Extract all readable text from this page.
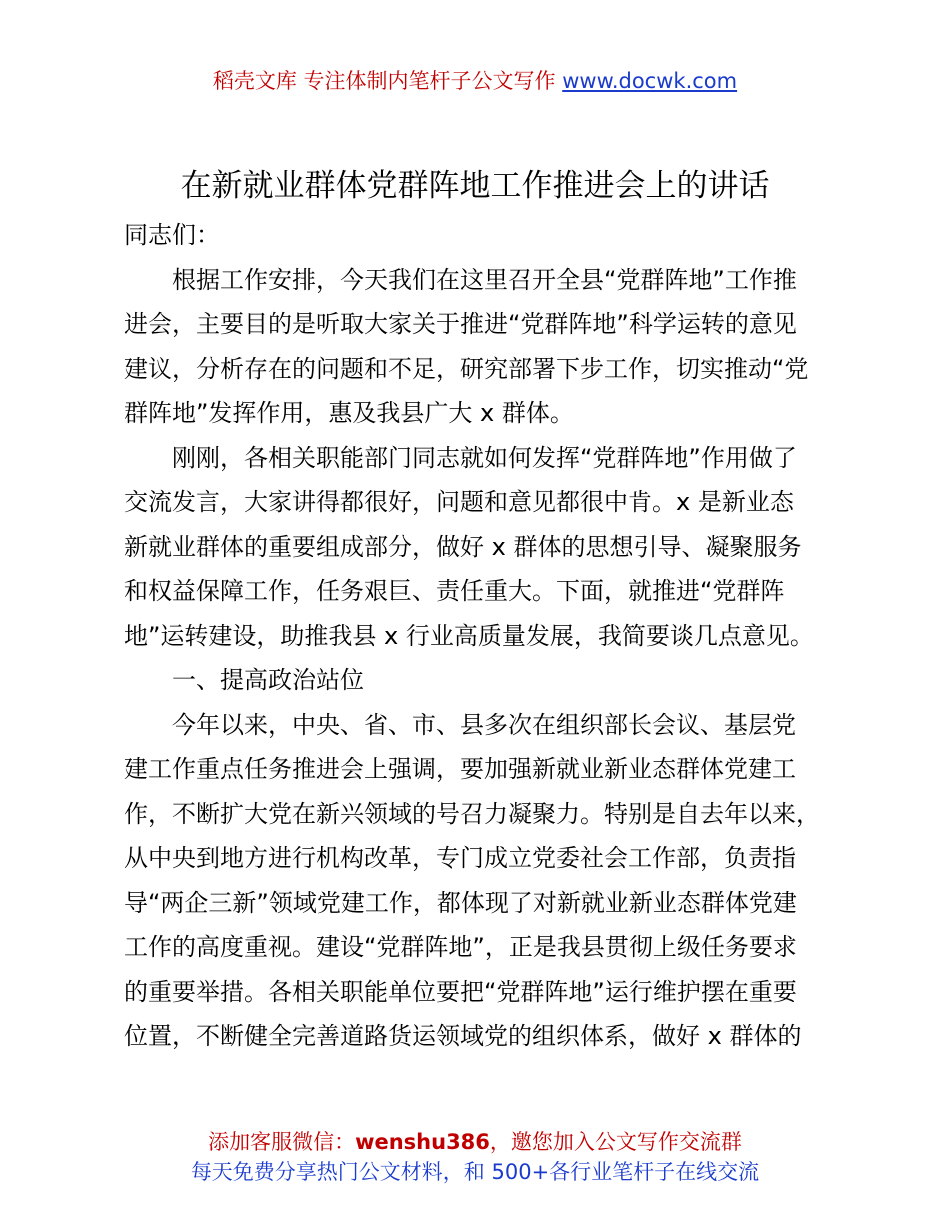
稻壳文库 专注体制内笔杆子公文写作 www.docwk.com
在新就业群体党群阵地工作推进会上的讲话
同志们：
　　根据工作安排，今天我们在这里召开全县“党群阵地”工作推
进会，主要目的是听取大家关于推进“党群阵地”科学运转的意见
建议，分析存在的问题和不足，研究部署下步工作，切实推动“党
群阵地”发挥作用，惠及我县广大 x 群体。
　　刚刚，各相关职能部门同志就如何发挥“党群阵地”作用做了
交流发言，大家讲得都很好，问题和意见都很中肯。x 是新业态
新就业群体的重要组成部分，做好 x 群体的思想引导、凝聚服务
和权益保障工作，任务艰巨、责任重大。下面，就推进“党群阵
地”运转建设，助推我县 x 行业高质量发展，我简要谈几点意见。
　　一、提高政治站位
　　今年以来，中央、省、市、县多次在组织部长会议、基层党
建工作重点任务推进会上强调，要加强新就业新业态群体党建工
作，不断扩大党在新兴领域的号召力凝聚力。特别是自去年以来，
从中央到地方进行机构改革，专门成立党委社会工作部，负责指
导“两企三新”领域党建工作，都体现了对新就业新业态群体党建
工作的高度重视。建设“党群阵地”，正是我县贯彻上级任务要求
的重要举措。各相关职能单位要把“党群阵地”运行维护摆在重要
位置，不断健全完善道路货运领域党的组织体系，做好 x 群体的
添加客服微信：wenshu386，邀您加入公文写作交流群
每天免费分享热门公文材料，和 500+各行业笔杆子在线交流
